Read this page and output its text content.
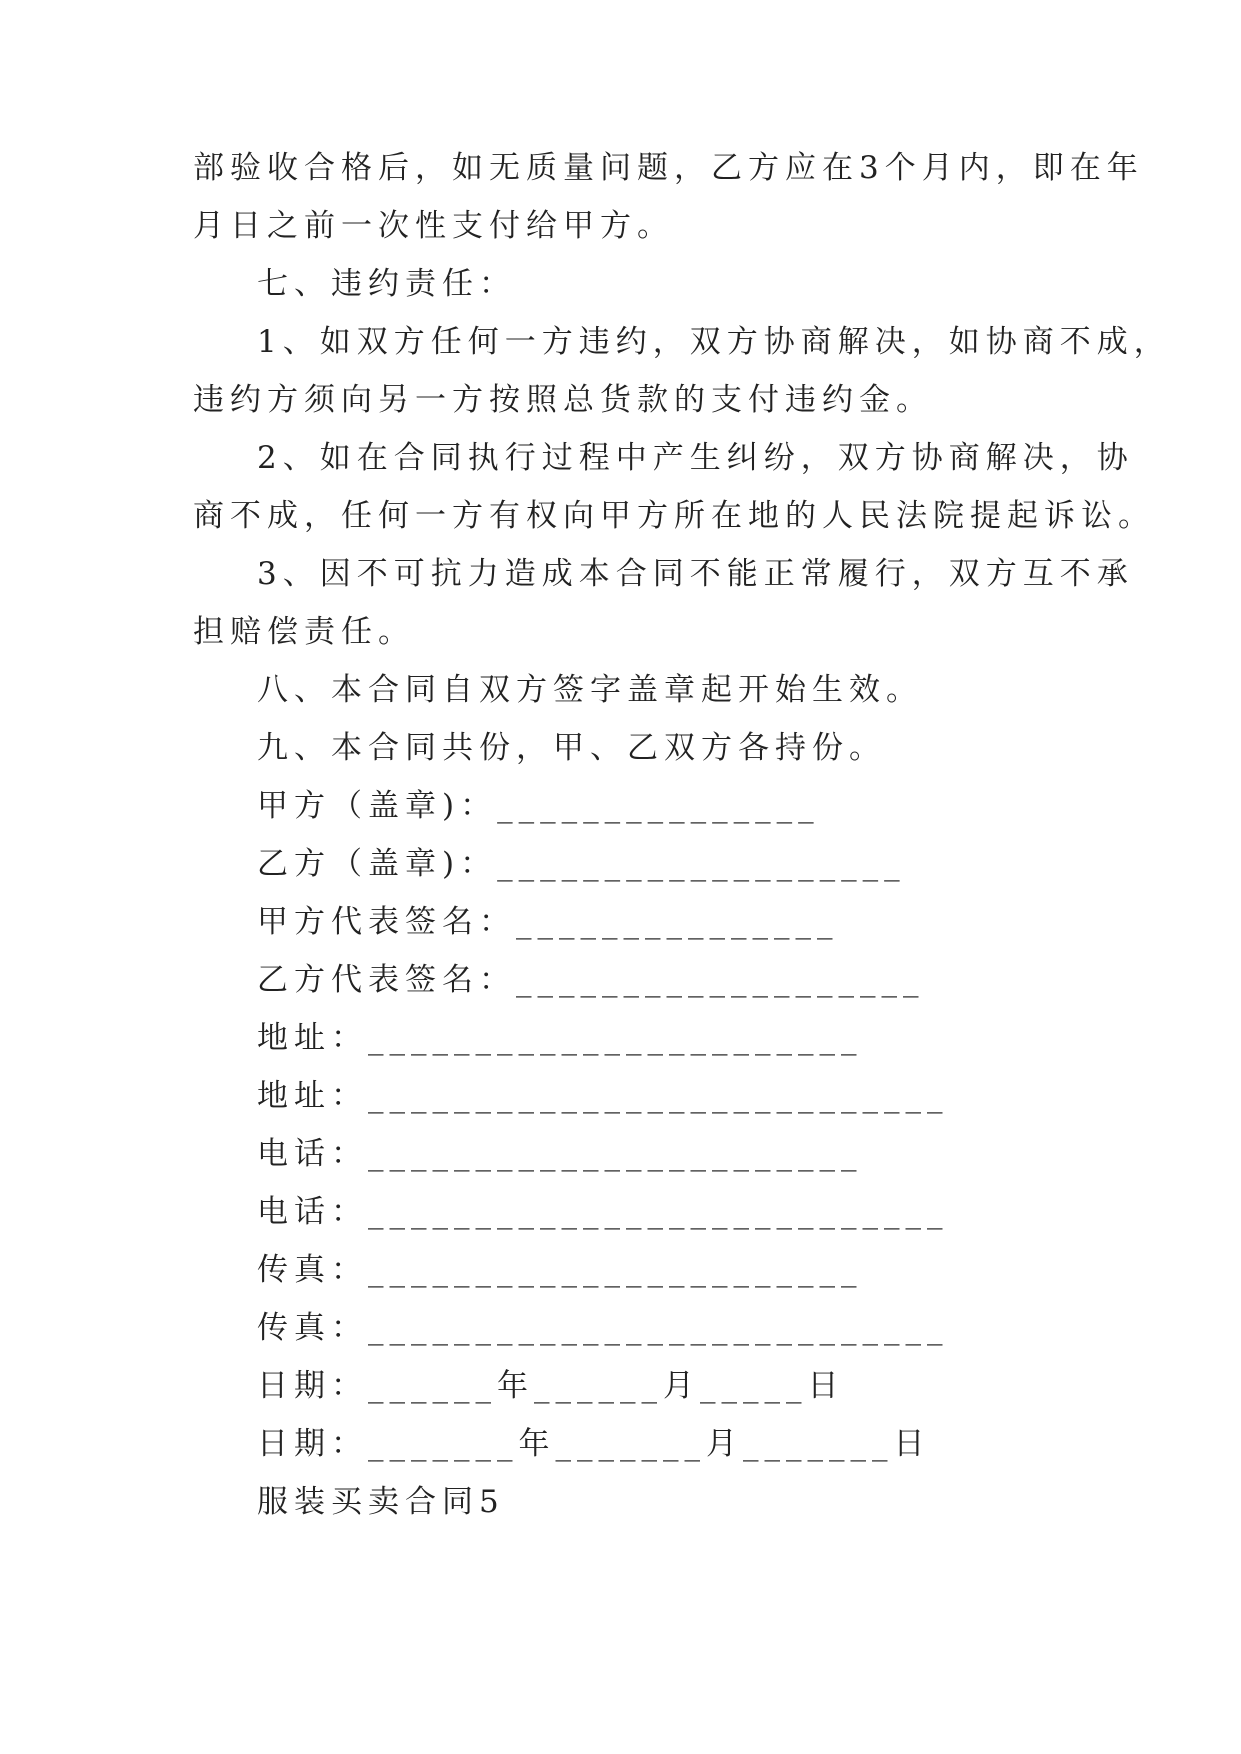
部验收合格后，如无质量问题，乙方应在3个月内，即在年
月日之前一次性支付给甲方。
七、违约责任：
1、如双方任何一方违约，双方协商解决，如协商不成，
违约方须向另一方按照总货款的支付违约金。
2、如在合同执行过程中产生纠纷，双方协商解决，协
商不成，任何一方有权向甲方所在地的人民法院提起诉讼。
3、因不可抗力造成本合同不能正常履行，双方互不承
担赔偿责任。
八、本合同自双方签字盖章起开始生效。
九、本合同共份，甲、乙双方各持份。
甲方（盖章)：_______________
乙方（盖章)：___________________
甲方代表签名：_______________
乙方代表签名：___________________
地址：_______________________
地址：___________________________
电话：_______________________
电话：___________________________
传真：_______________________
传真：___________________________
日期：______年______月_____日
日期：_______年_______月_______日
服装买卖合同5
